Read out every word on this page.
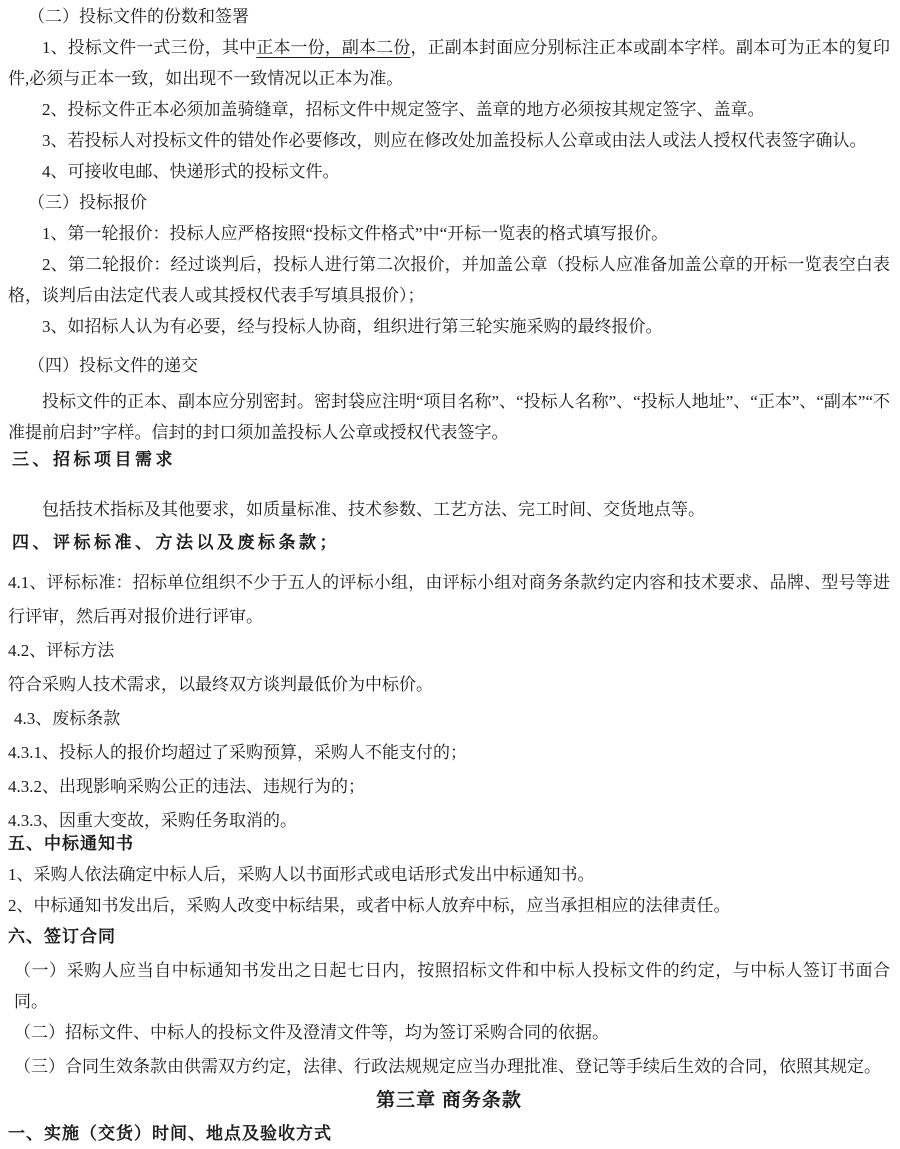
（二）投标文件的份数和签署

1、投标文件一式三份，其中正本一份，副本二份，正副本封面应分别标注正本或副本字样。副本可为正本的复印件,必须与正本一致，如出现不一致情况以正本为准。

2、投标文件正本必须加盖骑缝章，招标文件中规定签字、盖章的地方必须按其规定签字、盖章。

3、若投标人对投标文件的错处作必要修改，则应在修改处加盖投标人公章或由法人或法人授权代表签字确认。

4、可接收电邮、快递形式的投标文件。

（三）投标报价

1、第一轮报价：投标人应严格按照“投标文件格式”中“开标一览表的格式填写报价。

2、第二轮报价：经过谈判后，投标人进行第二次报价，并加盖公章（投标人应准备加盖公章的开标一览表空白表格，谈判后由法定代表人或其授权代表手写填具报价）；

3、如招标人认为有必要，经与投标人协商，组织进行第三轮实施采购的最终报价。

（四）投标文件的递交

投标文件的正本、副本应分别密封。密封袋应注明“项目名称”、“投标人名称”、“投标人地址”、“正本”、“副本”“不准提前启封”字样。信封的封口须加盖投标人公章或授权代表签字。

三、招标项目需求

包括技术指标及其他要求，如质量标准、技术参数、工艺方法、完工时间、交货地点等。

四、评标标准、方法以及废标条款；

4.1、评标标准：招标单位组织不少于五人的评标小组，由评标小组对商务条款约定内容和技术要求、品牌、型号等进行评审，然后再对报价进行评审。

4.2、评标方法

符合采购人技术需求，以最终双方谈判最低价为中标价。

4.3、废标条款

4.3.1、投标人的报价均超过了采购预算，采购人不能支付的；

4.3.2、出现影响采购公正的违法、违规行为的；

4.3.3、因重大变故，采购任务取消的。

五、中标通知书

1、采购人依法确定中标人后，采购人以书面形式或电话形式发出中标通知书。

2、中标通知书发出后，采购人改变中标结果，或者中标人放弃中标，应当承担相应的法律责任。

六、签订合同

（一）采购人应当自中标通知书发出之日起七日内，按照招标文件和中标人投标文件的约定，与中标人签订书面合同。

（二）招标文件、中标人的投标文件及澄清文件等，均为签订采购合同的依据。

（三）合同生效条款由供需双方约定，法律、行政法规规定应当办理批准、登记等手续后生效的合同，依照其规定。

第三章 商务条款

一、实施（交货）时间、地点及验收方式
